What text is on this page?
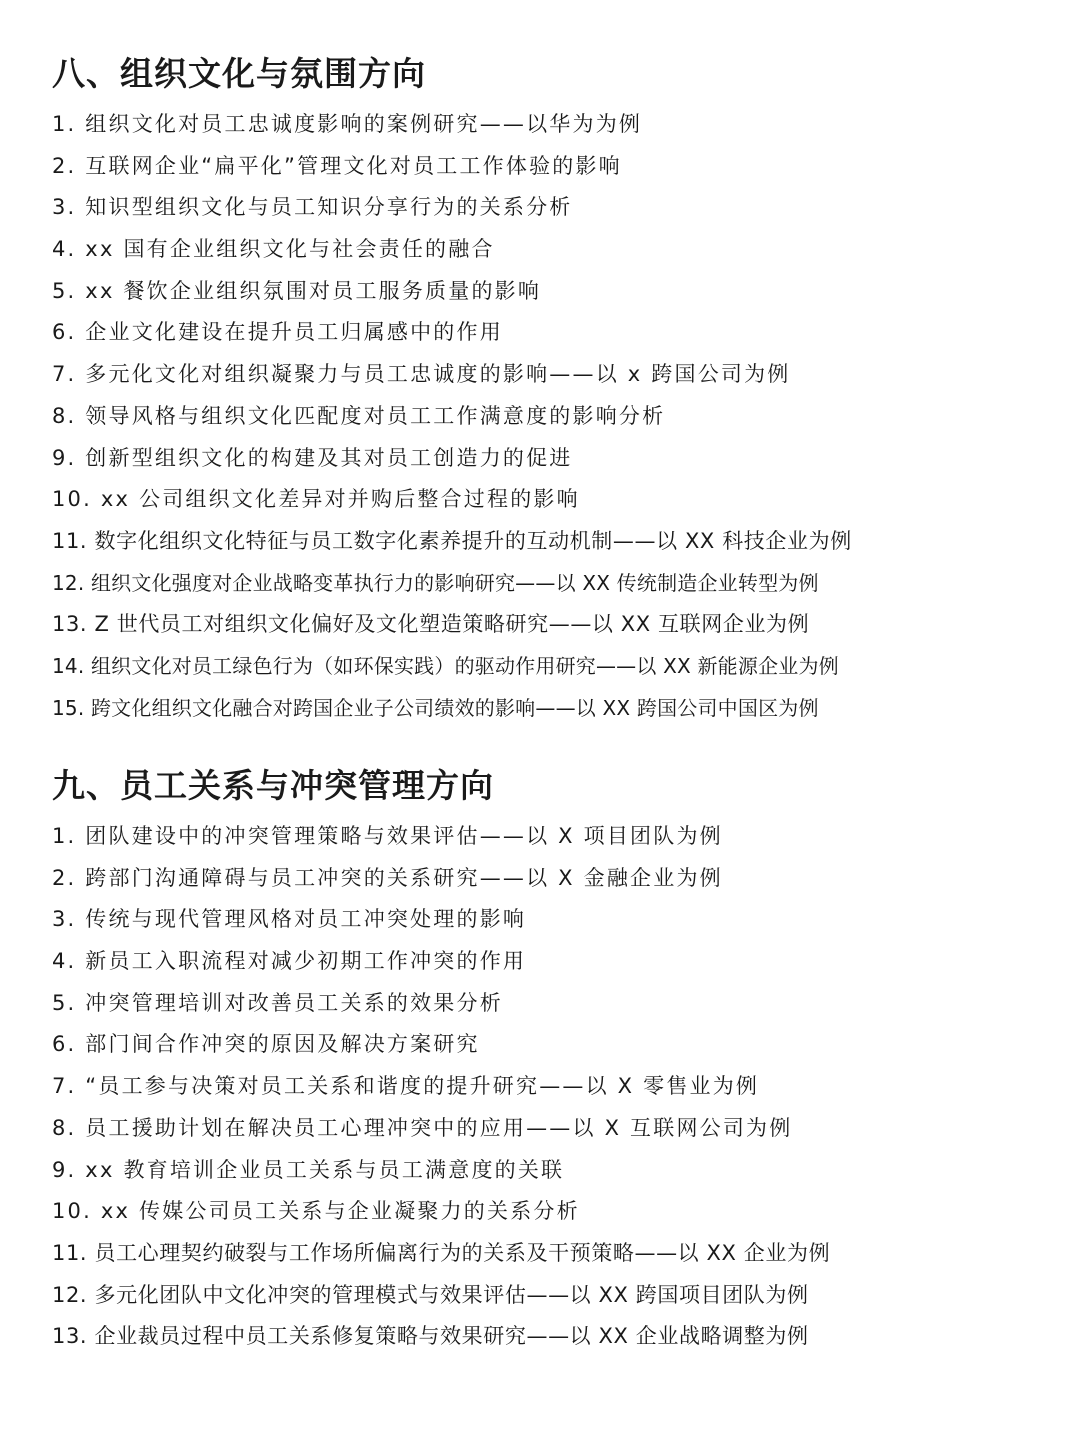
八、组织文化与氛围方向
1. 组织文化对员工忠诚度影响的案例研究——以华为为例
2. 互联网企业“扁平化”管理文化对员工工作体验的影响
3. 知识型组织文化与员工知识分享行为的关系分析
4. xx 国有企业组织文化与社会责任的融合
5. xx 餐饮企业组织氛围对员工服务质量的影响
6. 企业文化建设在提升员工归属感中的作用
7. 多元化文化对组织凝聚力与员工忠诚度的影响——以 x 跨国公司为例
8. 领导风格与组织文化匹配度对员工工作满意度的影响分析
9. 创新型组织文化的构建及其对员工创造力的促进
10. xx 公司组织文化差异对并购后整合过程的影响
11. 数字化组织文化特征与员工数字化素养提升的互动机制——以 XX 科技企业为例
12. 组织文化强度对企业战略变革执行力的影响研究——以 XX 传统制造企业转型为例
13. Z 世代员工对组织文化偏好及文化塑造策略研究——以 XX 互联网企业为例
14. 组织文化对员工绿色行为（如环保实践）的驱动作用研究——以 XX 新能源企业为例
15. 跨文化组织文化融合对跨国企业子公司绩效的影响——以 XX 跨国公司中国区为例
九、员工关系与冲突管理方向
1. 团队建设中的冲突管理策略与效果评估——以 X 项目团队为例
2. 跨部门沟通障碍与员工冲突的关系研究——以 X 金融企业为例
3. 传统与现代管理风格对员工冲突处理的影响
4. 新员工入职流程对减少初期工作冲突的作用
5. 冲突管理培训对改善员工关系的效果分析
6. 部门间合作冲突的原因及解决方案研究
7. “员工参与决策对员工关系和谐度的提升研究——以 X 零售业为例
8. 员工援助计划在解决员工心理冲突中的应用——以 X 互联网公司为例
9. xx 教育培训企业员工关系与员工满意度的关联
10. xx 传媒公司员工关系与企业凝聚力的关系分析
11. 员工心理契约破裂与工作场所偏离行为的关系及干预策略——以 XX 企业为例
12. 多元化团队中文化冲突的管理模式与效果评估——以 XX 跨国项目团队为例
13. 企业裁员过程中员工关系修复策略与效果研究——以 XX 企业战略调整为例
